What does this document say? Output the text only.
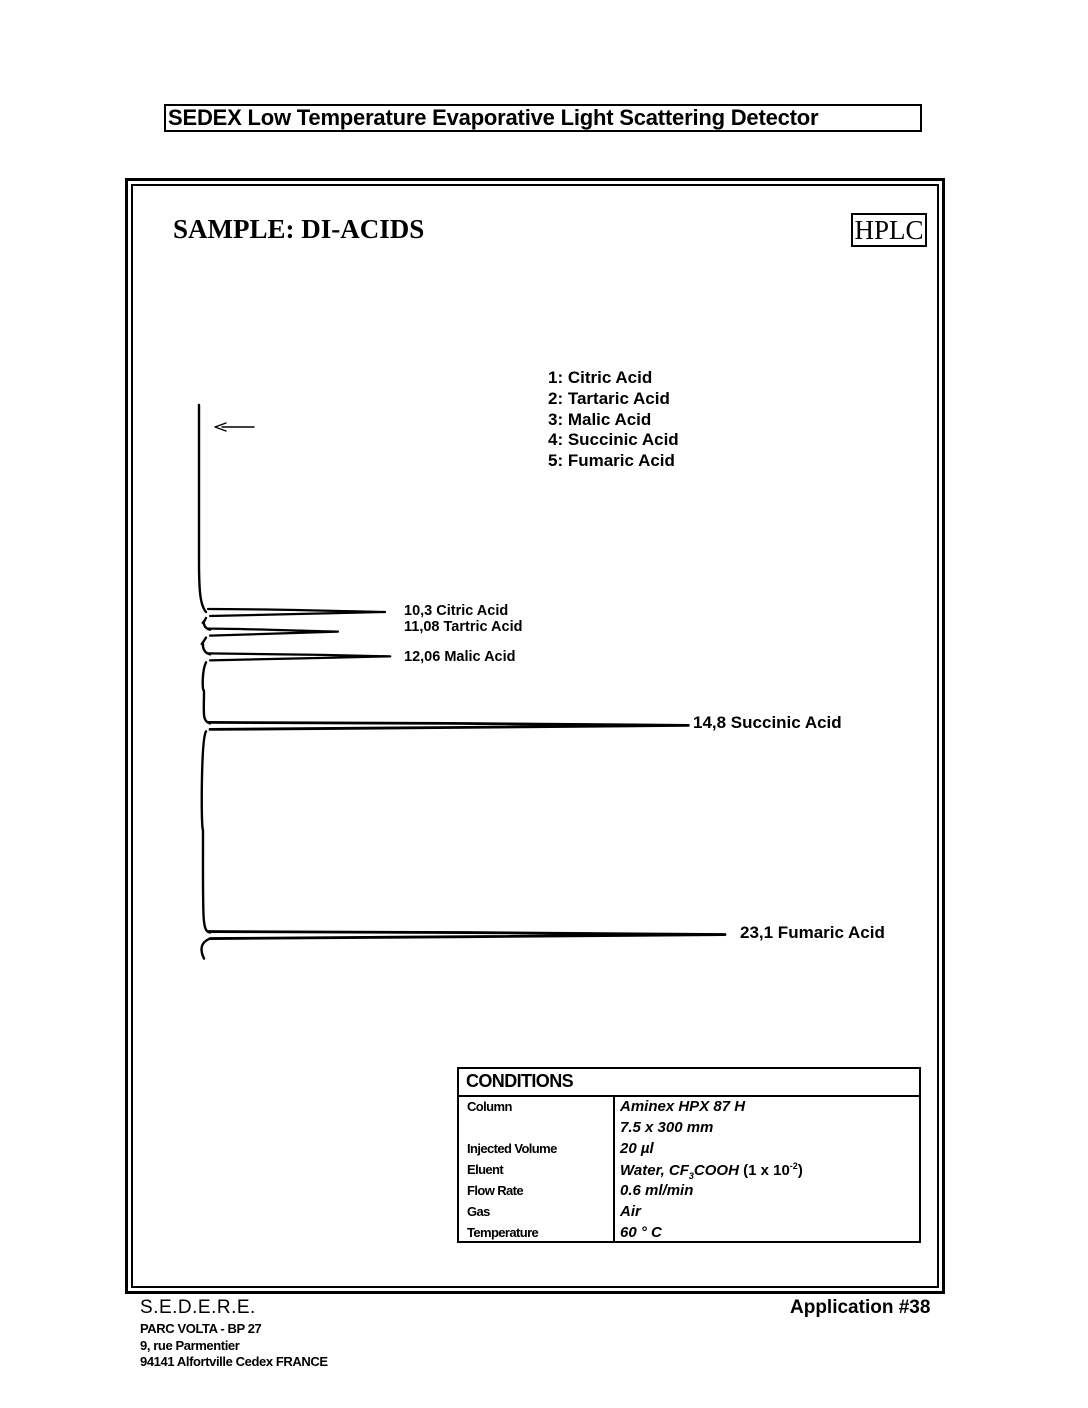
SEDEX Low Temperature Evaporative Light Scattering Detector
SAMPLE: DI-ACIDS	HPLC
1: Citric Acid
2: Tartaric Acid
3: Malic Acid
4: Succinic Acid
5: Fumaric Acid
10,3 Citric Acid
11,08 Tartric Acid
12,06 Malic Acid
14,8 Succinic Acid
23,1 Fumaric Acid
CONDITIONS
Column	Aminex HPX 87 H
7.5 x 300 mm
Injected Volume	20 µl
Eluent	Water, $CF_3COOH$ (1 x $10^{-2}$)
Flow Rate	0.6 ml/min
Gas	Air
Temperature	60 ° C
S.E.D.E.R.E.
PARC VOLTA - BP 27
9, rue Parmentier
94141 Alfortville Cedex FRANCE
Application #38
